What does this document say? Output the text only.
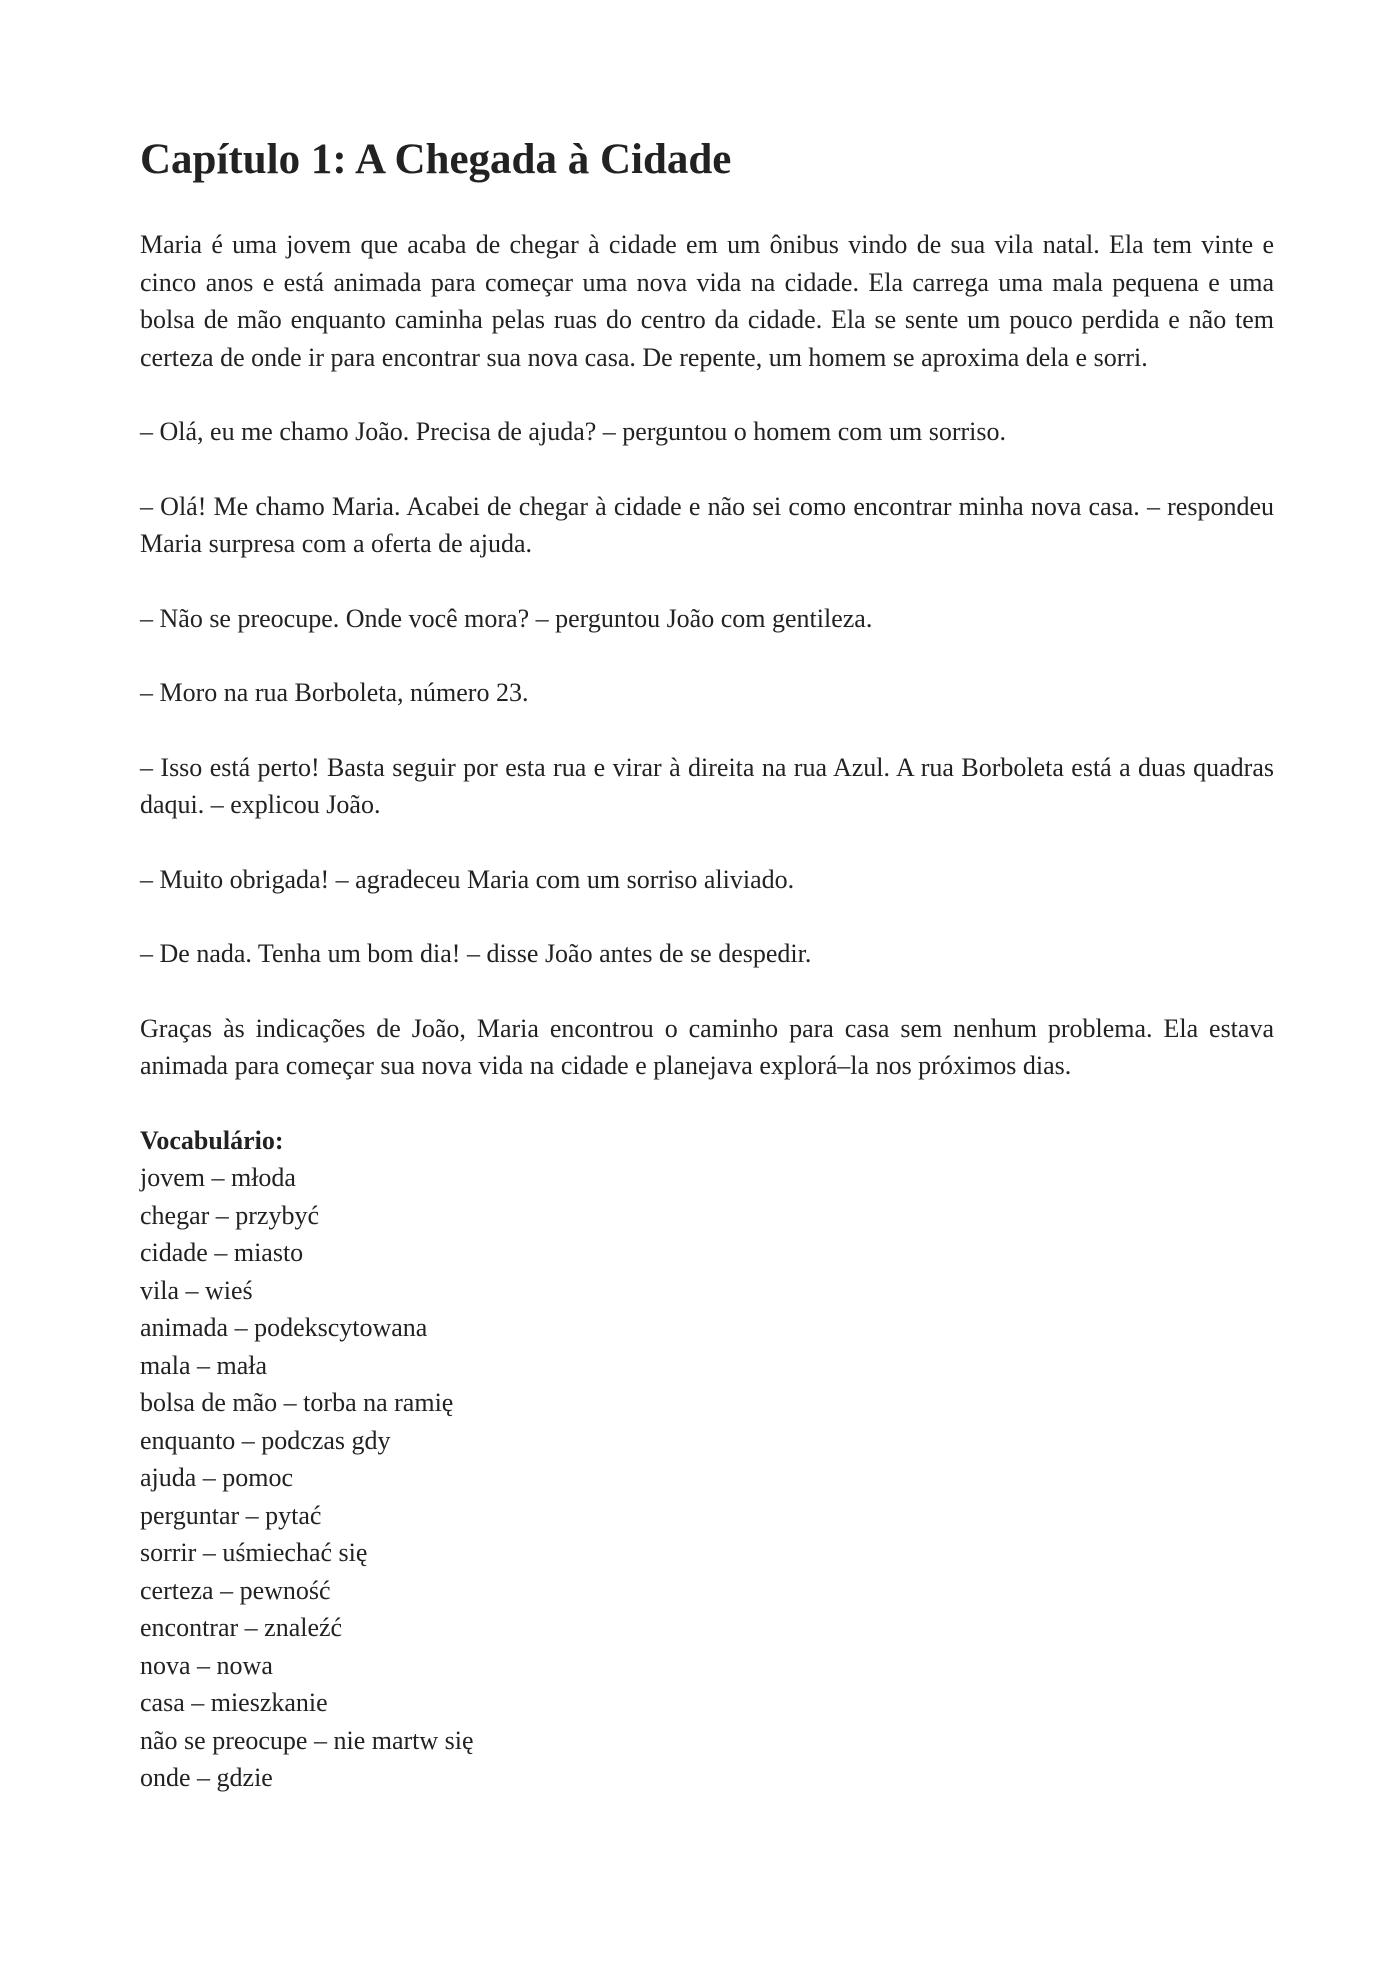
Capítulo 1: A Chegada à Cidade

Maria é uma jovem que acaba de chegar à cidade em um ônibus vindo de sua vila natal. Ela tem vinte e cinco anos e está animada para começar uma nova vida na cidade. Ela carrega uma mala pequena e uma bolsa de mão enquanto caminha pelas ruas do centro da cidade. Ela se sente um pouco perdida e não tem certeza de onde ir para encontrar sua nova casa. De repente, um homem se aproxima dela e sorri.

– Olá, eu me chamo João. Precisa de ajuda? – perguntou o homem com um sorriso.

– Olá! Me chamo Maria. Acabei de chegar à cidade e não sei como encontrar minha nova casa. – respondeu Maria surpresa com a oferta de ajuda.

– Não se preocupe. Onde você mora? – perguntou João com gentileza.

– Moro na rua Borboleta, número 23.

– Isso está perto! Basta seguir por esta rua e virar à direita na rua Azul. A rua Borboleta está a duas quadras daqui. – explicou João.

– Muito obrigada! – agradeceu Maria com um sorriso aliviado.

– De nada. Tenha um bom dia! – disse João antes de se despedir.

Graças às indicações de João, Maria encontrou o caminho para casa sem nenhum problema. Ela estava animada para começar sua nova vida na cidade e planejava explorá–la nos próximos dias.

Vocabulário:

jovem – młoda
chegar – przybyć
cidade – miasto
vila – wieś
animada – podekscytowana
mala – mała
bolsa de mão – torba na ramię
enquanto – podczas gdy
ajuda – pomoc
perguntar – pytać
sorrir – uśmiechać się
certeza – pewność
encontrar – znaleźć
nova – nowa
casa – mieszkanie
não se preocupe – nie martw się
onde – gdzie
